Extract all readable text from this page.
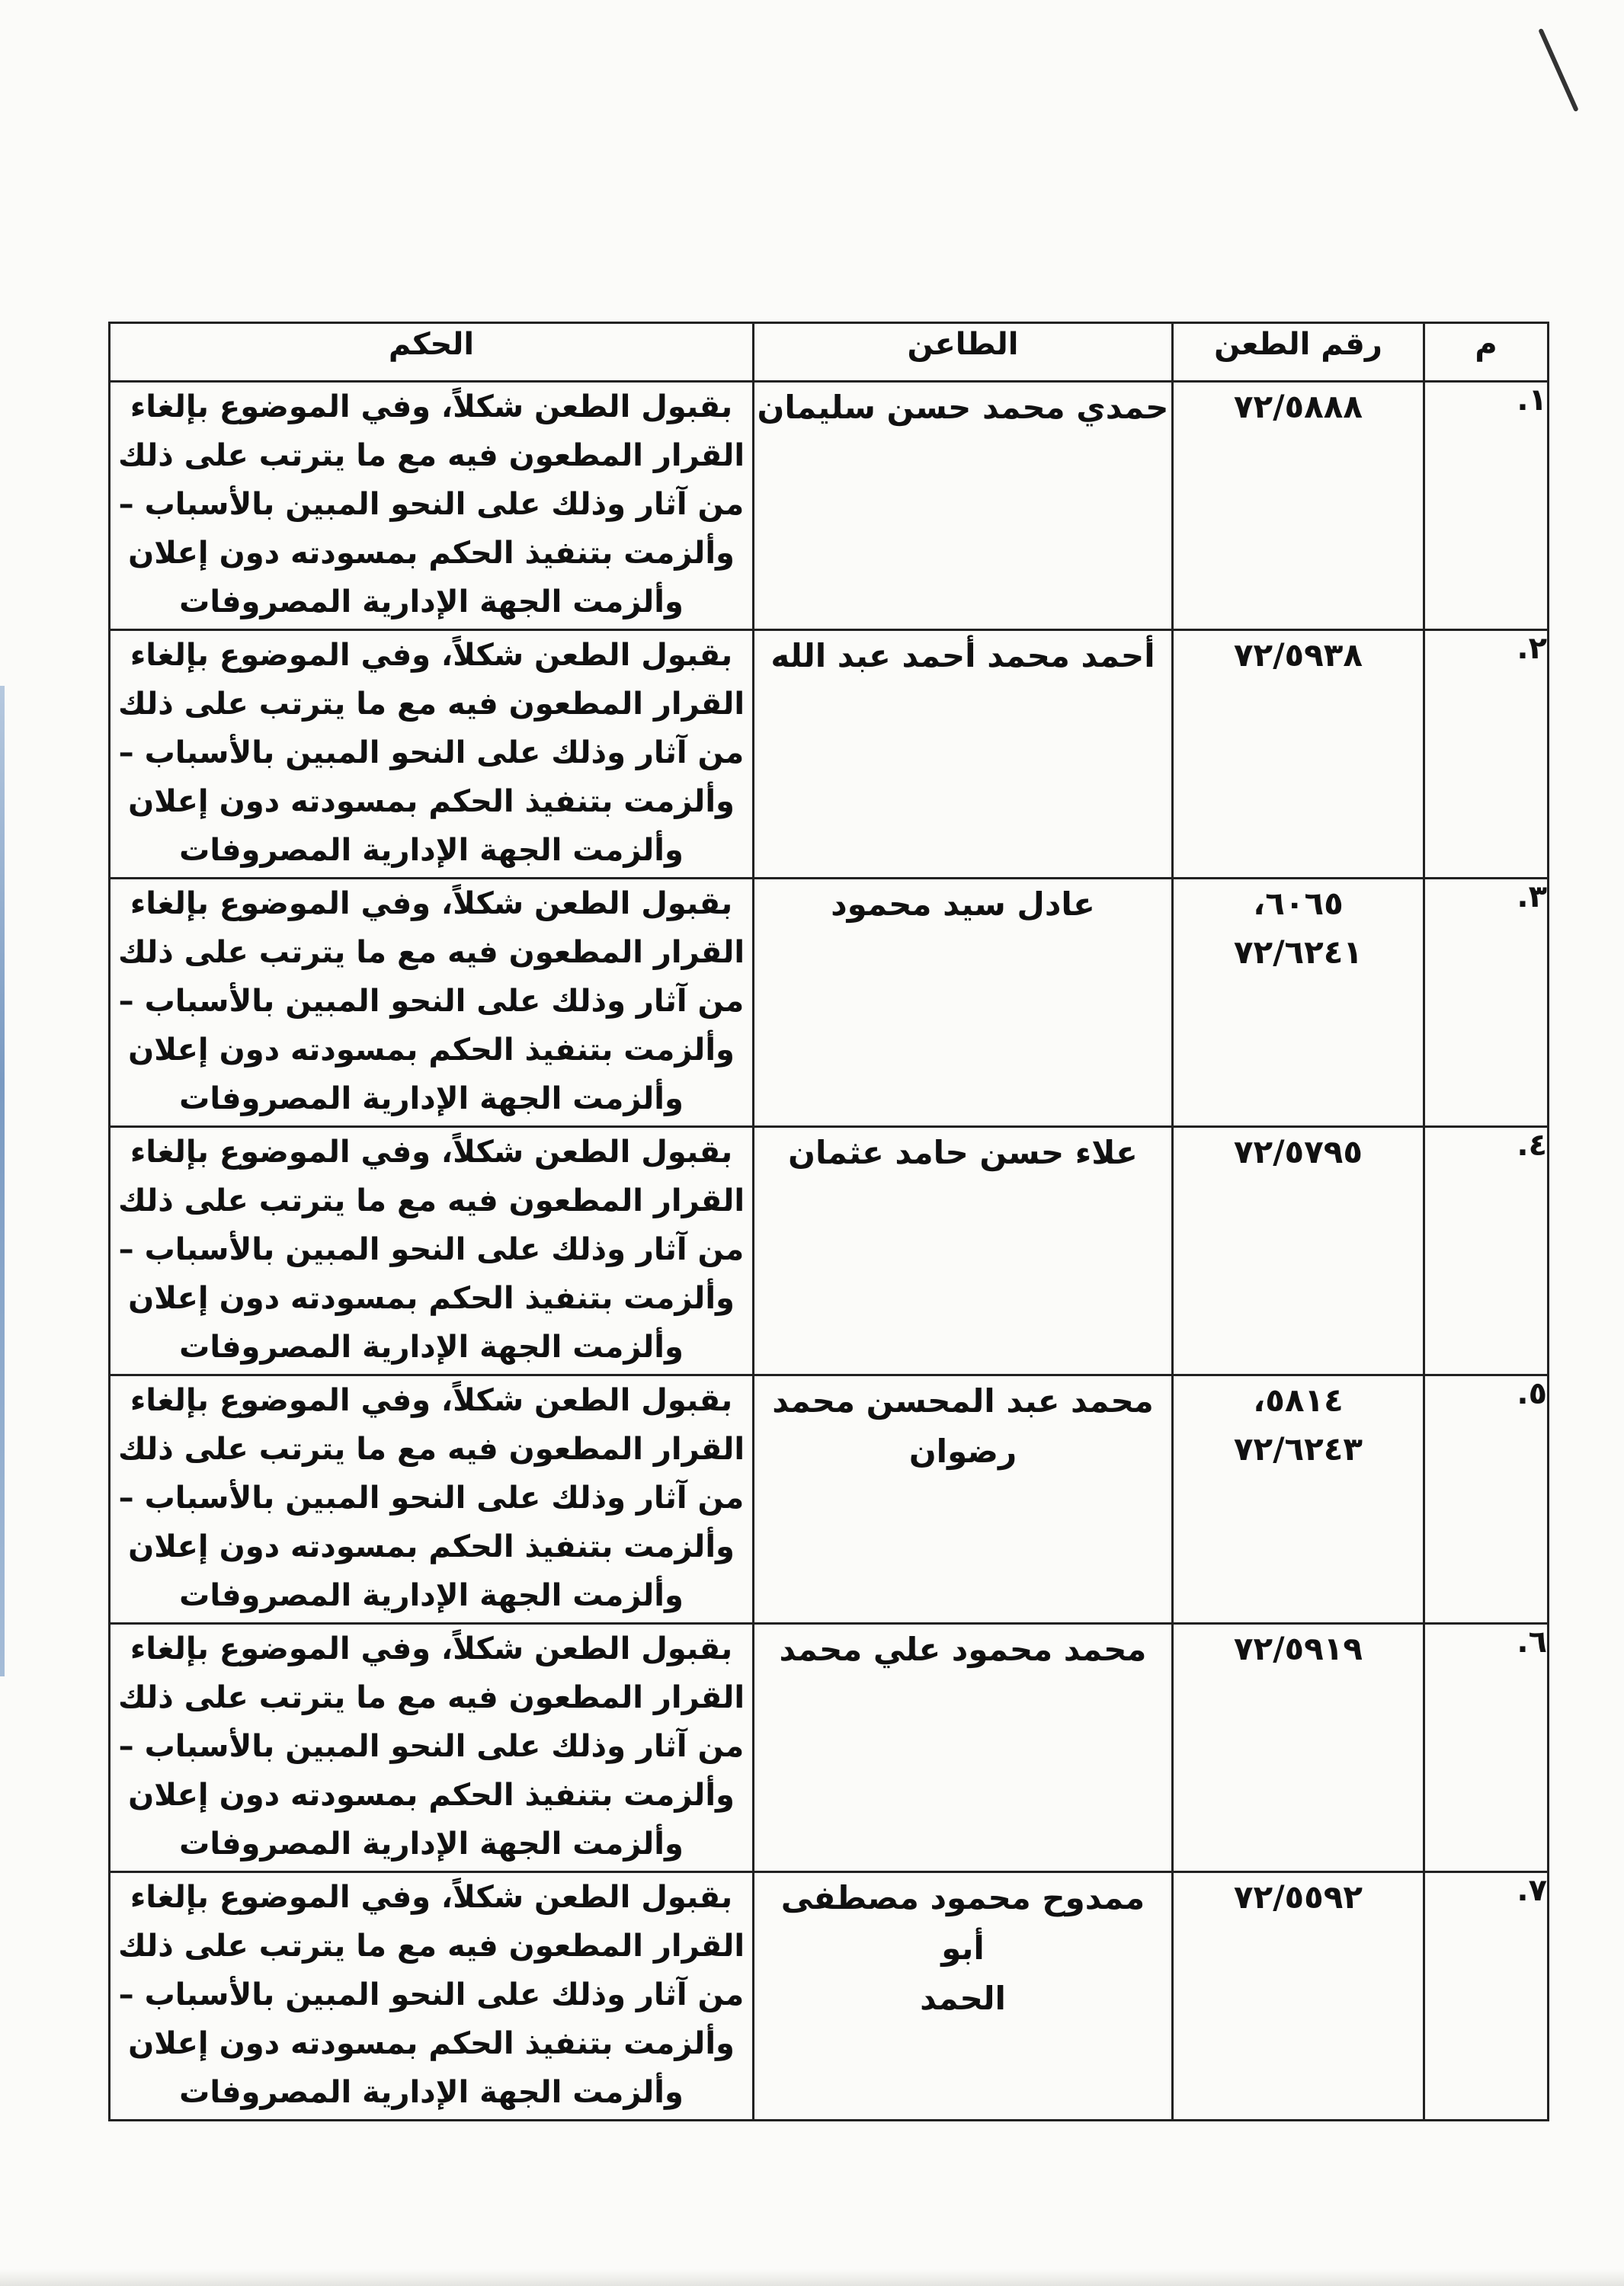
م	رقم الطعن	الطاعن	الحكم
١.	٧٢/٥٨٨٨	حمدي محمد حسن سليمان	بقبول الطعن شكلاً، وفي الموضوع بإلغاء
القرار المطعون فيه مع ما يترتب على ذلك
من آثار وذلك على النحو المبين بالأسباب –
وألزمت بتنفيذ الحكم بمسودته دون إعلان
وألزمت الجهة الإدارية المصروفات

٢.	٧٢/٥٩٣٨	أحمد محمد أحمد عبد الله	بقبول الطعن شكلاً، وفي الموضوع بإلغاء
القرار المطعون فيه مع ما يترتب على ذلك
من آثار وذلك على النحو المبين بالأسباب –
وألزمت بتنفيذ الحكم بمسودته دون إعلان
وألزمت الجهة الإدارية المصروفات

٣.	٦٠٦٥،
٧٢/٦٢٤١	عادل سيد محمود	بقبول الطعن شكلاً، وفي الموضوع بإلغاء
القرار المطعون فيه مع ما يترتب على ذلك
من آثار وذلك على النحو المبين بالأسباب –
وألزمت بتنفيذ الحكم بمسودته دون إعلان
وألزمت الجهة الإدارية المصروفات

٤.	٧٢/٥٧٩٥	علاء حسن حامد عثمان	بقبول الطعن شكلاً، وفي الموضوع بإلغاء
القرار المطعون فيه مع ما يترتب على ذلك
من آثار وذلك على النحو المبين بالأسباب –
وألزمت بتنفيذ الحكم بمسودته دون إعلان
وألزمت الجهة الإدارية المصروفات

٥.	٥٨١٤،
٧٢/٦٢٤٣	محمد عبد المحسن محمد
رضوان	بقبول الطعن شكلاً، وفي الموضوع بإلغاء
القرار المطعون فيه مع ما يترتب على ذلك
من آثار وذلك على النحو المبين بالأسباب –
وألزمت بتنفيذ الحكم بمسودته دون إعلان
وألزمت الجهة الإدارية المصروفات

٦.	٧٢/٥٩١٩	محمد محمود علي محمد	بقبول الطعن شكلاً، وفي الموضوع بإلغاء
القرار المطعون فيه مع ما يترتب على ذلك
من آثار وذلك على النحو المبين بالأسباب –
وألزمت بتنفيذ الحكم بمسودته دون إعلان
وألزمت الجهة الإدارية المصروفات

٧.	٧٢/٥٥٩٢	ممدوح محمود مصطفى أبو
الحمد	بقبول الطعن شكلاً، وفي الموضوع بإلغاء
القرار المطعون فيه مع ما يترتب على ذلك
من آثار وذلك على النحو المبين بالأسباب –
وألزمت بتنفيذ الحكم بمسودته دون إعلان
وألزمت الجهة الإدارية المصروفات
